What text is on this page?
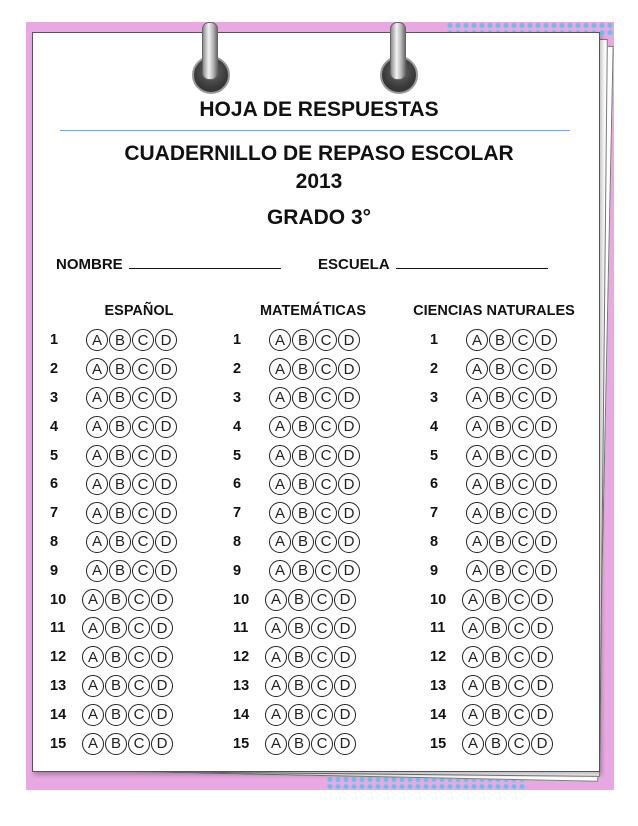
HOJA DE RESPUESTAS
CUADERNILLO DE REPASO ESCOLAR
2013
GRADO 3°
NOMBRE	ESCUELA
ESPAÑOL	MATEMÁTICAS	CIENCIAS NATURALES
1	A B C D
2	A B C D
3	A B C D
4	A B C D
5	A B C D
6	A B C D
7	A B C D
8	A B C D
9	A B C D
10	A B C D
11	A B C D
12	A B C D
13	A B C D
14	A B C D
15	A B C D
1	A B C D
2	A B C D
3	A B C D
4	A B C D
5	A B C D
6	A B C D
7	A B C D
8	A B C D
9	A B C D
10	A B C D
11	A B C D
12	A B C D
13	A B C D
14	A B C D
15	A B C D
1	A B C D
2	A B C D
3	A B C D
4	A B C D
5	A B C D
6	A B C D
7	A B C D
8	A B C D
9	A B C D
10	A B C D
11	A B C D
12	A B C D
13	A B C D
14	A B C D
15	A B C D
